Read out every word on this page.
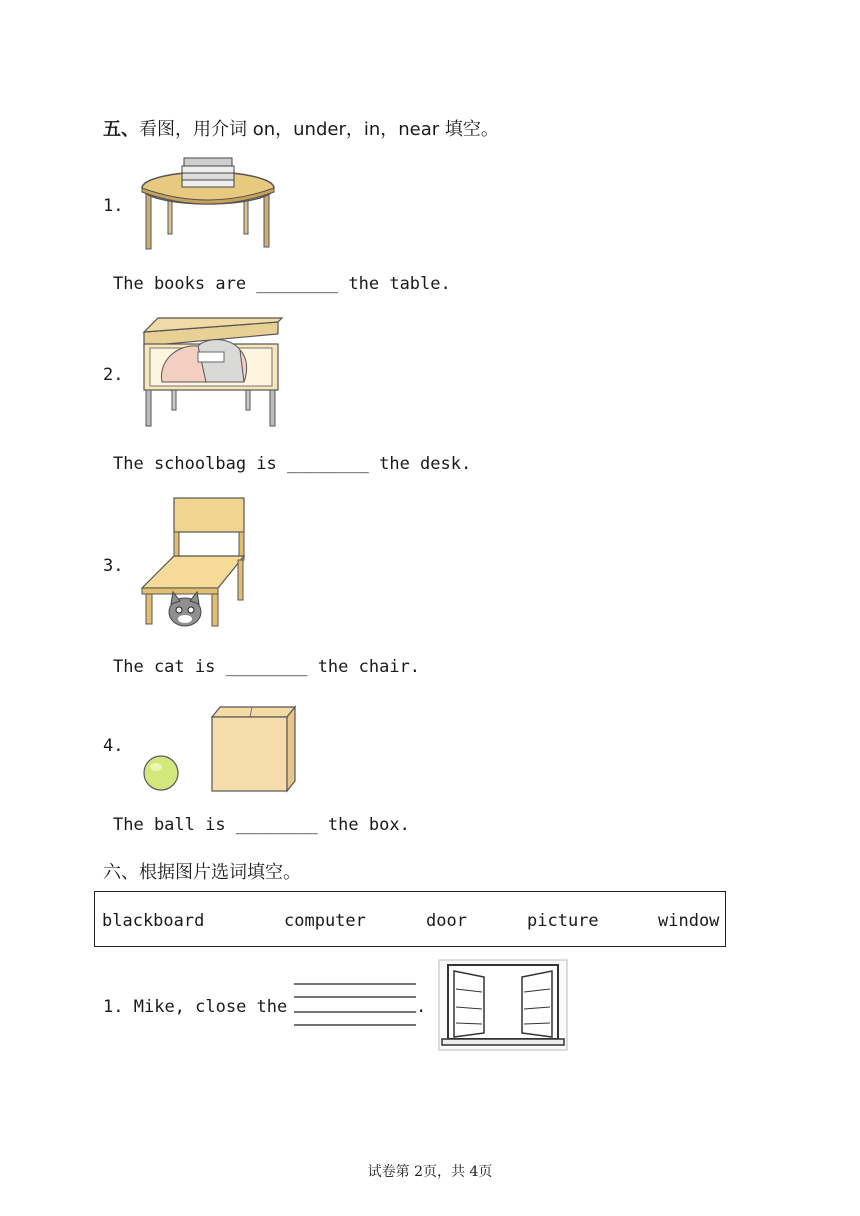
五、看图，用介词 on，under，in，near 填空。
1.
The books are ________ the table.
2.
The schoolbag is ________ the desk.
3.
The cat is ________ the chair.
4.
The ball is ________ the box.
六、根据图片选词填空。
blackboard	computer	door	picture	window
1. Mike, close the	.
试卷第 2页，共 4页
